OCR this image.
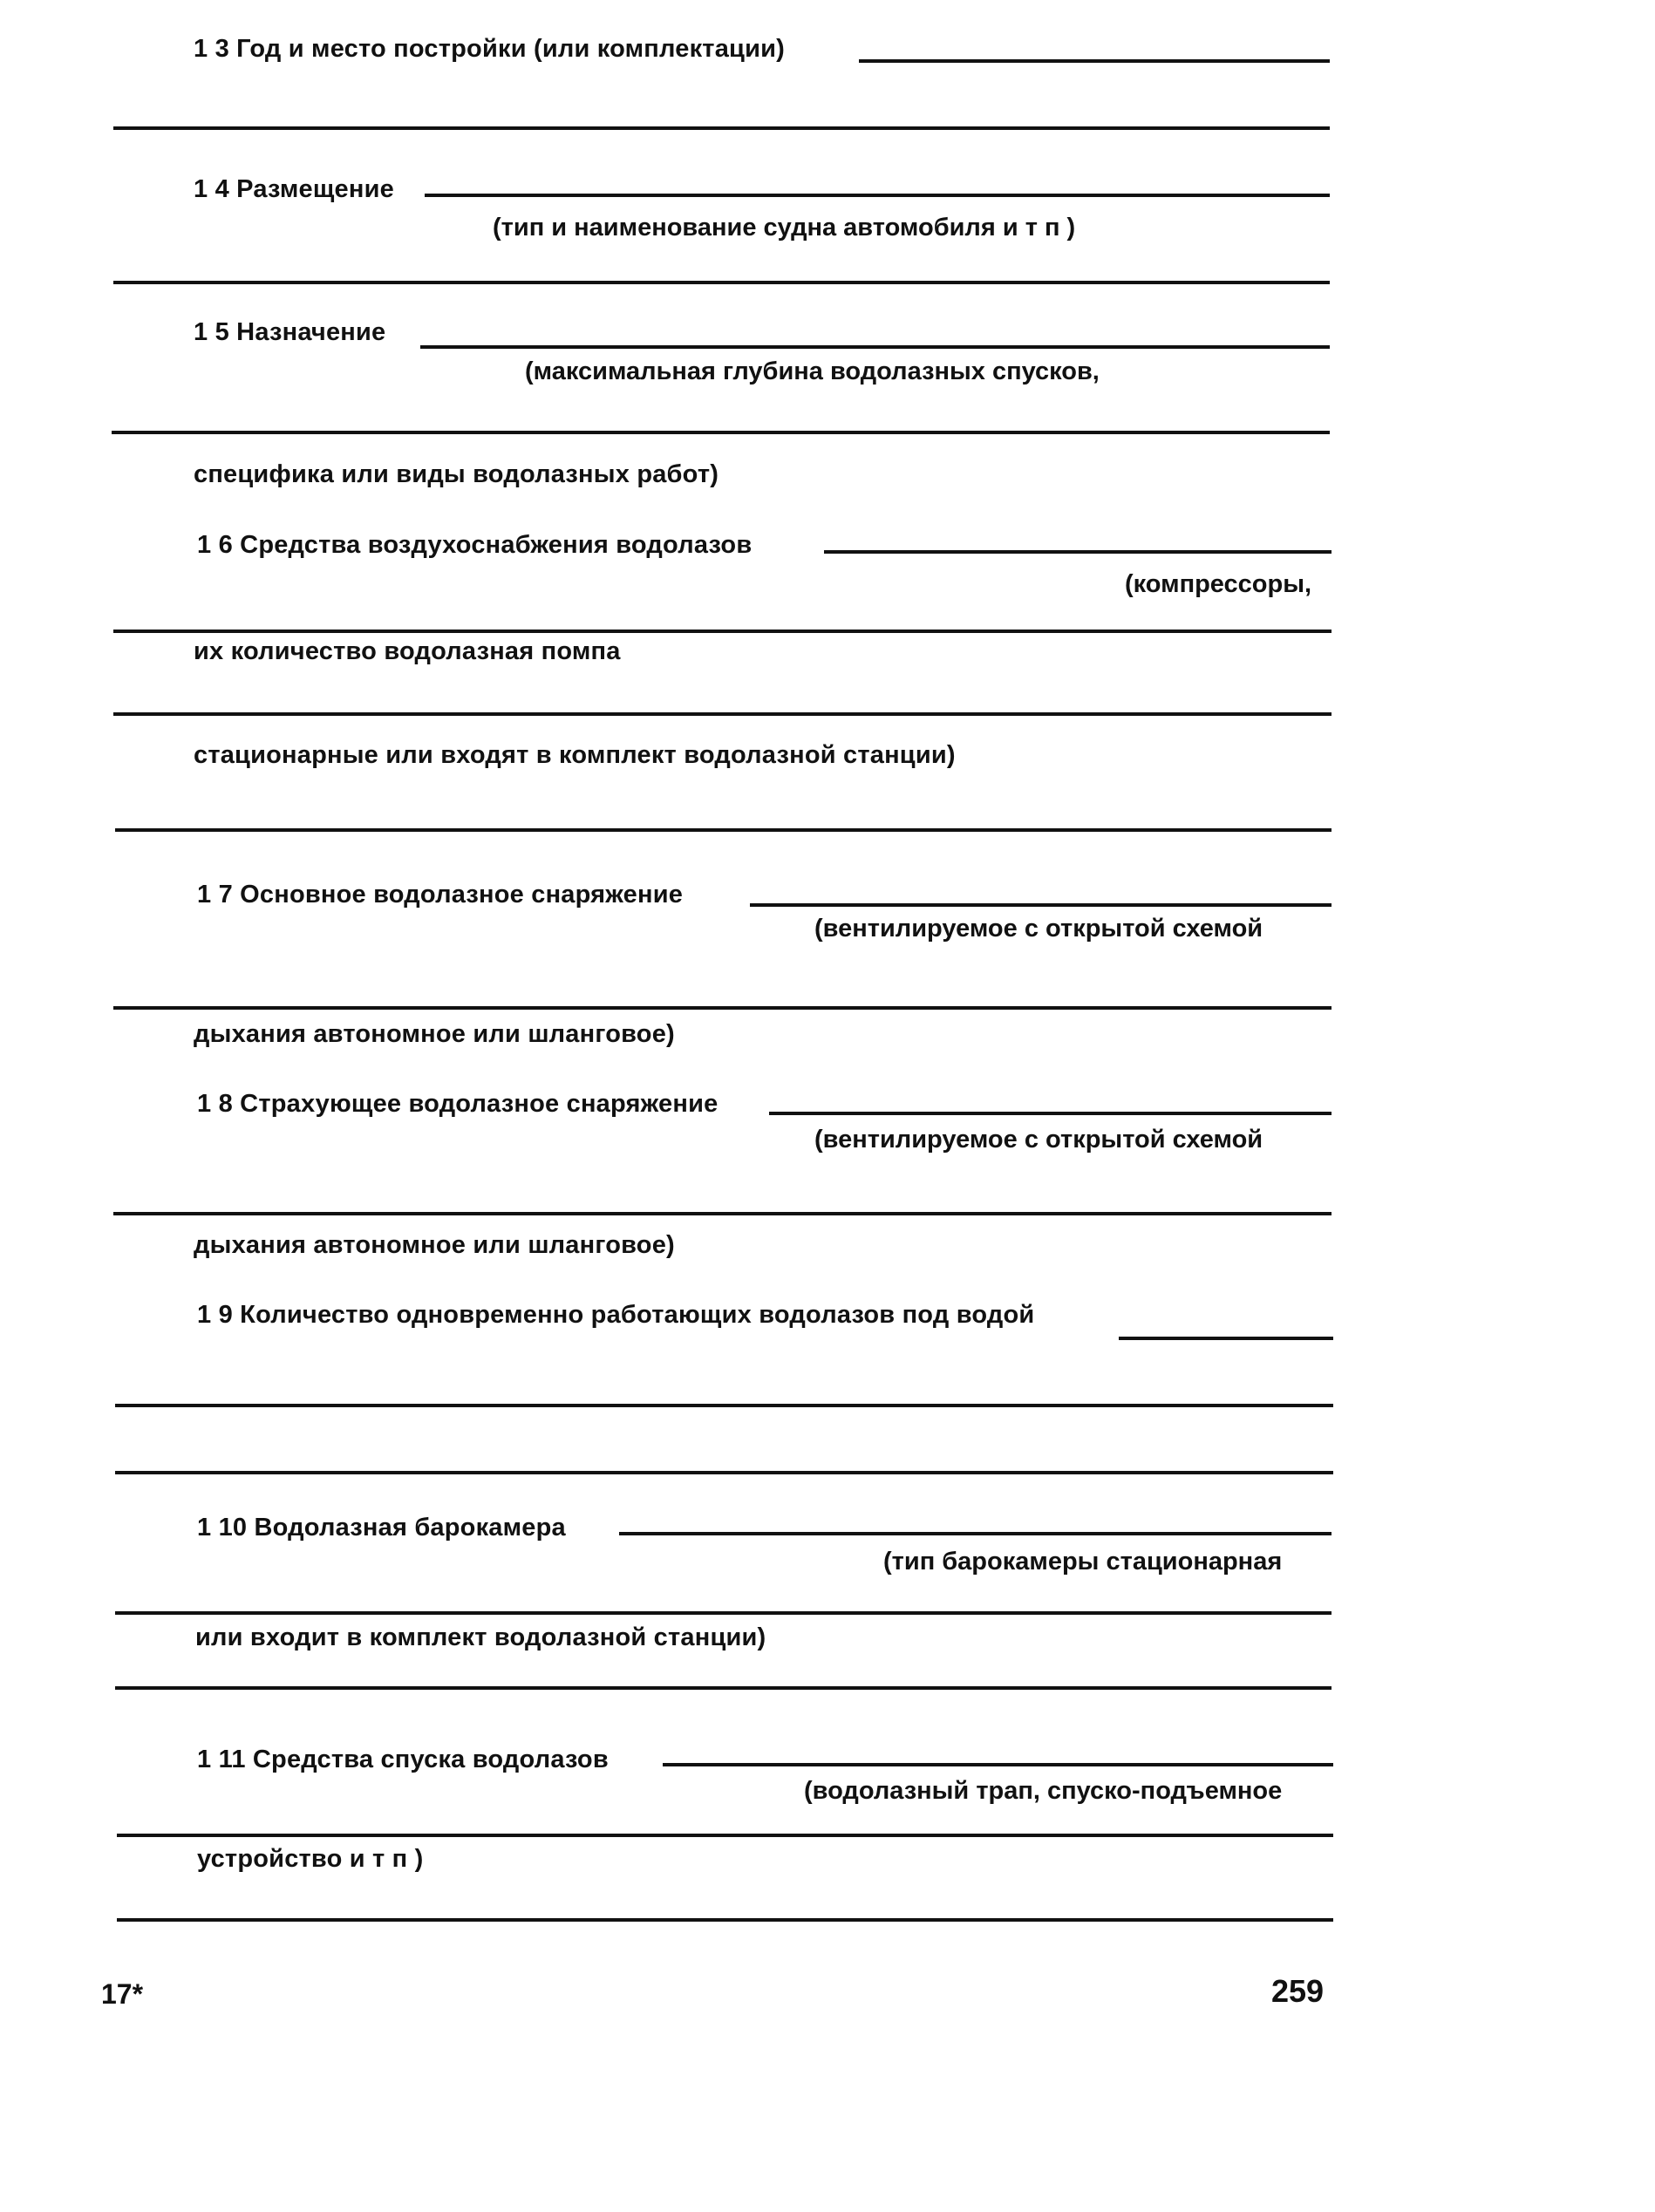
1 3 Год и место постройки (или комплектации)
1 4 Размещение
(тип и наименование судна автомобиля и т п )
1 5 Назначение
(максимальная глубина водолазных спусков,
специфика или виды водолазных работ)
1 6 Средства воздухоснабжения водолазов
(компрессоры,
их количество водолазная помпа
стационарные или входят в комплект водолазной станции)
1 7 Основное водолазное снаряжение
(вентилируемое с открытой схемой
дыхания автономное или шланговое)
1 8 Страхующее водолазное снаряжение
(вентилируемое с открытой схемой
дыхания автономное или шланговое)
1 9 Количество одновременно работающих водолазов под водой
1 10 Водолазная барокамера
(тип барокамеры стационарная
или входит в комплект водолазной станции)
1 11 Средства спуска водолазов
(водолазный трап, спуско-подъемное
устройство и т п )
17*	259
